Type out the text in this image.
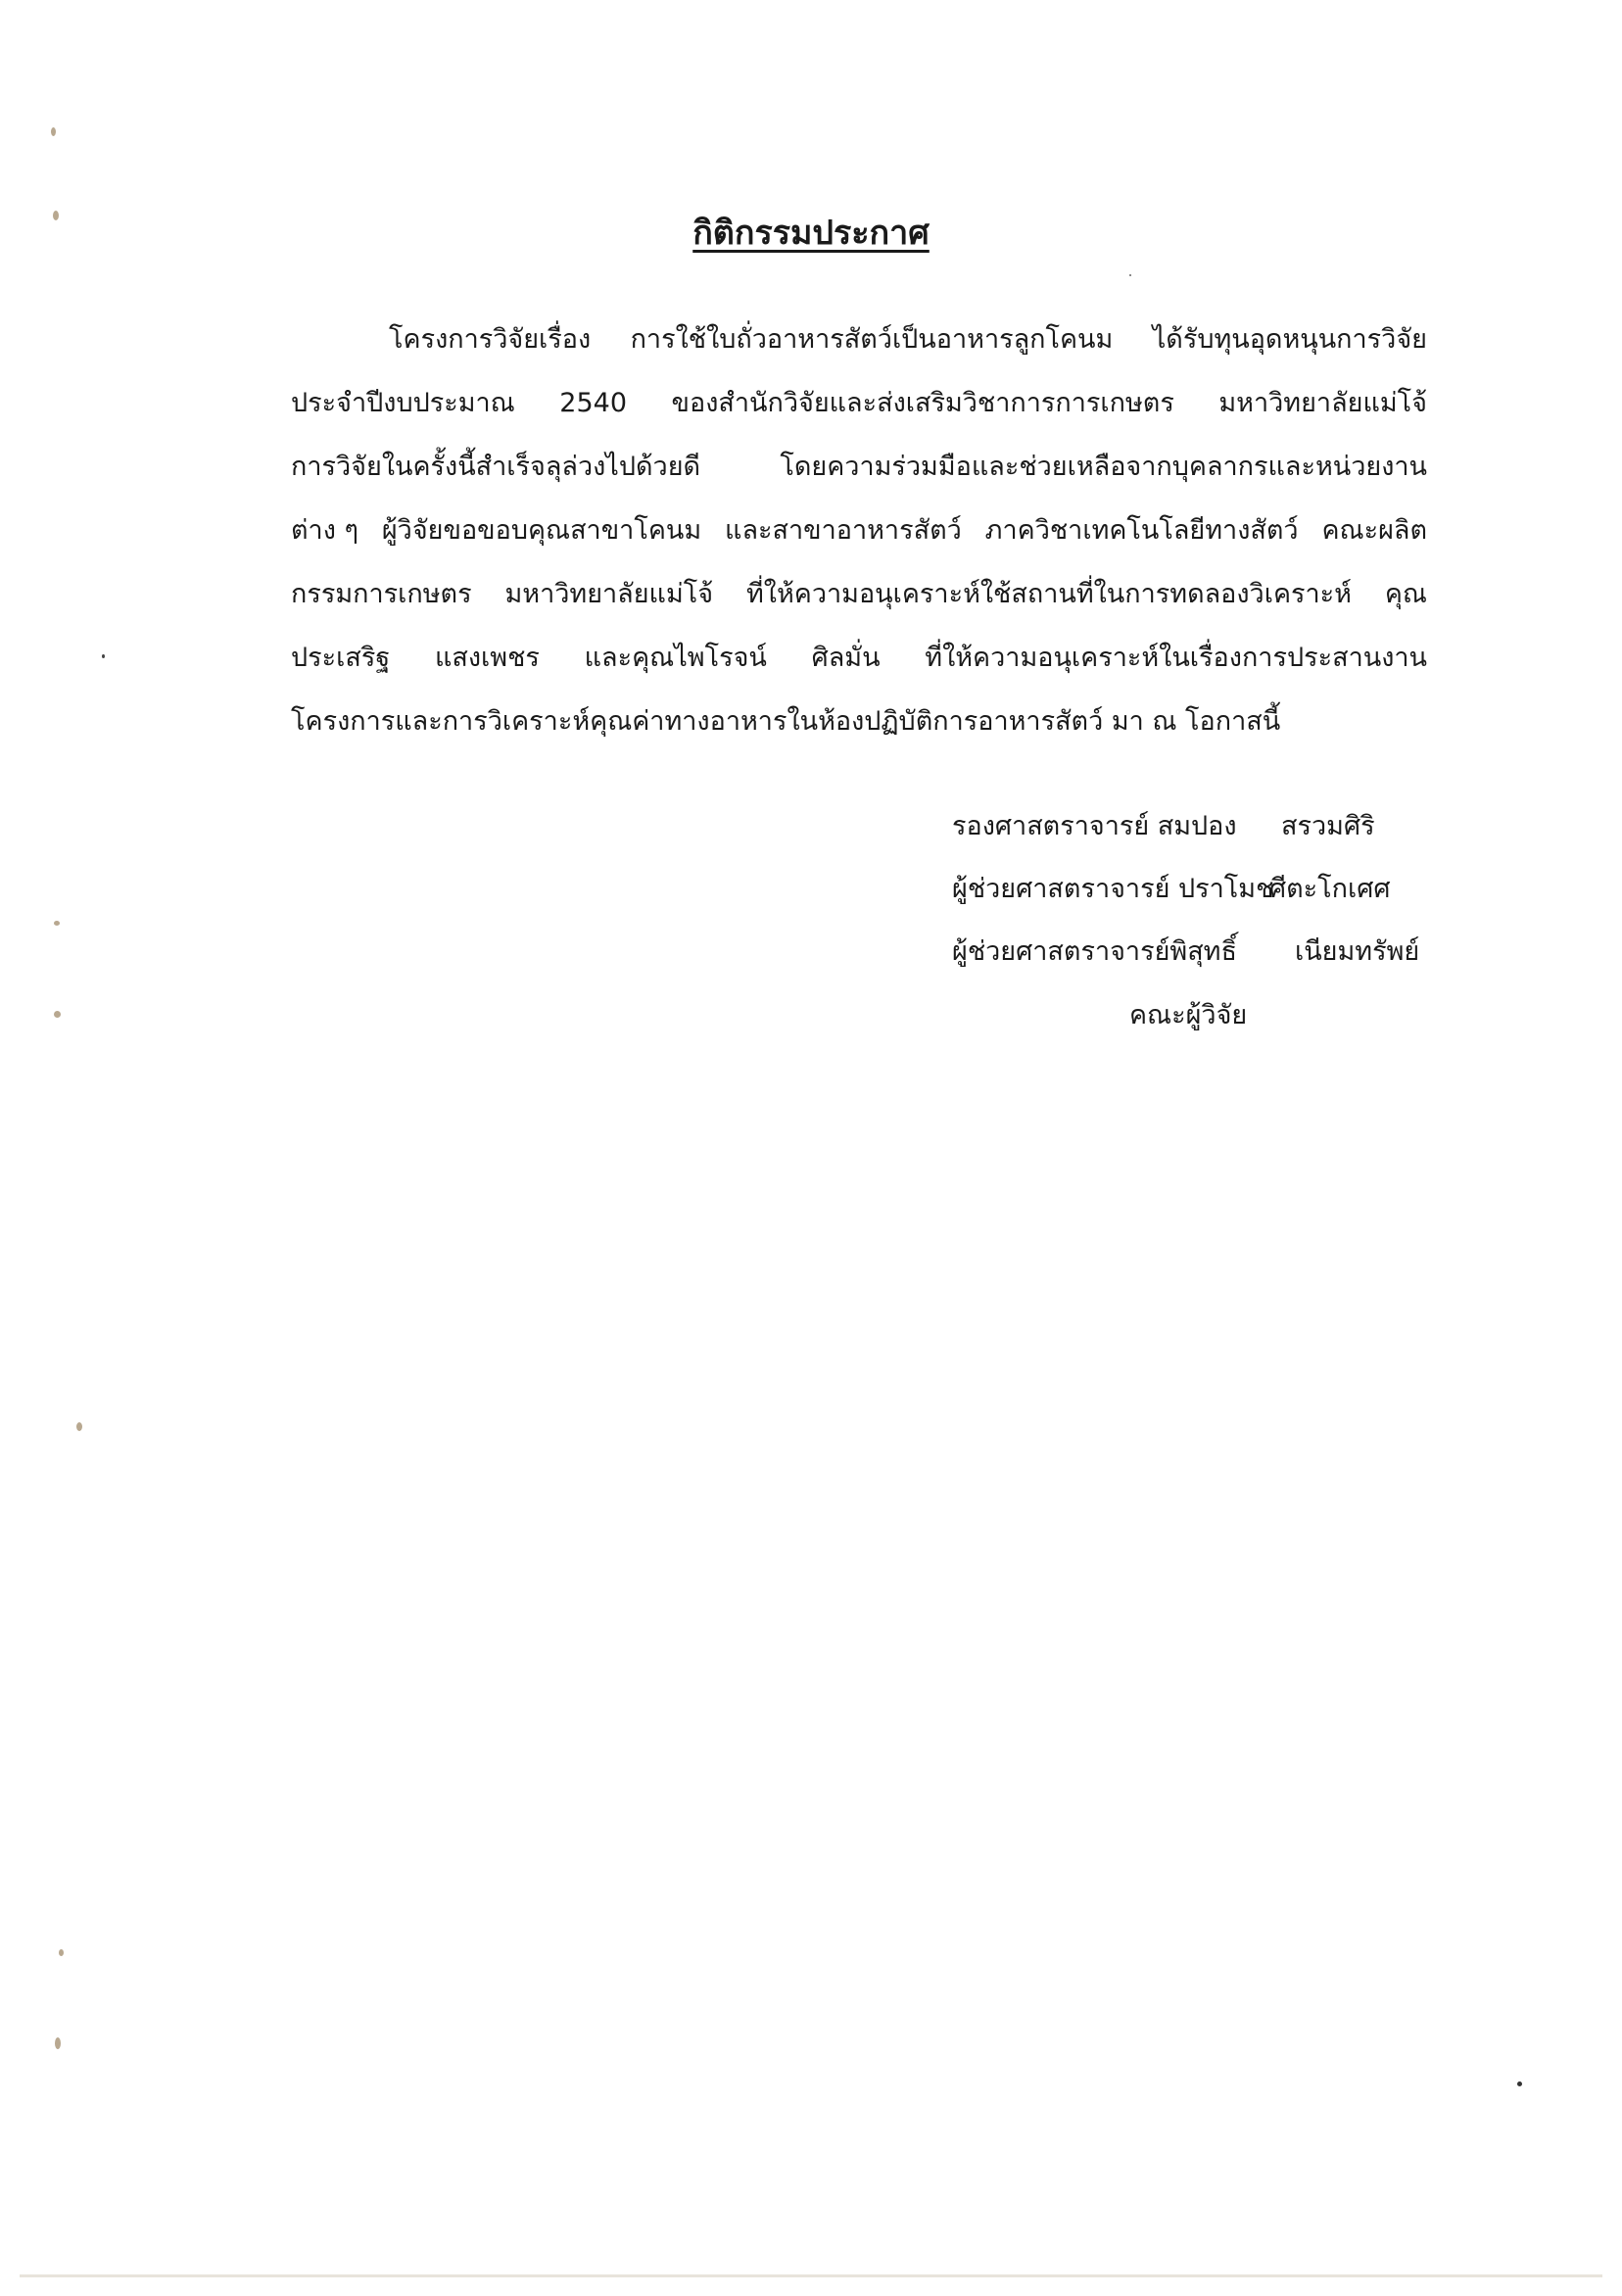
กิติกรรมประกาศ
โครงการวิจัยเรื่อง การใช้ใบถั่วอาหารสัตว์เป็นอาหารลูกโคนม ได้รับทุนอุดหนุนการวิจัย
ประจำปีงบประมาณ 2540 ของสำนักวิจัยและส่งเสริมวิชาการการเกษตร มหาวิทยาลัยแม่โจ้
การวิจัยในครั้งนี้สำเร็จลุล่วงไปด้วยดี	โดยความร่วมมือและช่วยเหลือจากบุคลากรและหน่วยงาน
ต่าง ๆ ผู้วิจัยขอขอบคุณสาขาโคนม และสาขาอาหารสัตว์ ภาควิชาเทคโนโลยีทางสัตว์ คณะผลิต
กรรมการเกษตร มหาวิทยาลัยแม่โจ้ ที่ให้ความอนุเคราะห์ใช้สถานที่ในการทดลองวิเคราะห์ คุณ
ประเสริฐ แสงเพชร และคุณไพโรจน์ ศิลมั่น ที่ให้ความอนุเคราะห์ในเรื่องการประสานงาน
โครงการและการวิเคราะห์คุณค่าทางอาหารในห้องปฏิบัติการอาหารสัตว์ มา ณ โอกาสนี้
รองศาสตราจารย์ สมปอง สรวมศิริ
ผู้ช่วยศาสตราจารย์ ปราโมช
ศีตะโกเศศ
ผู้ช่วยศาสตราจารย์พิสุทธิ์ เนียมทรัพย์
คณะผู้วิจัย
